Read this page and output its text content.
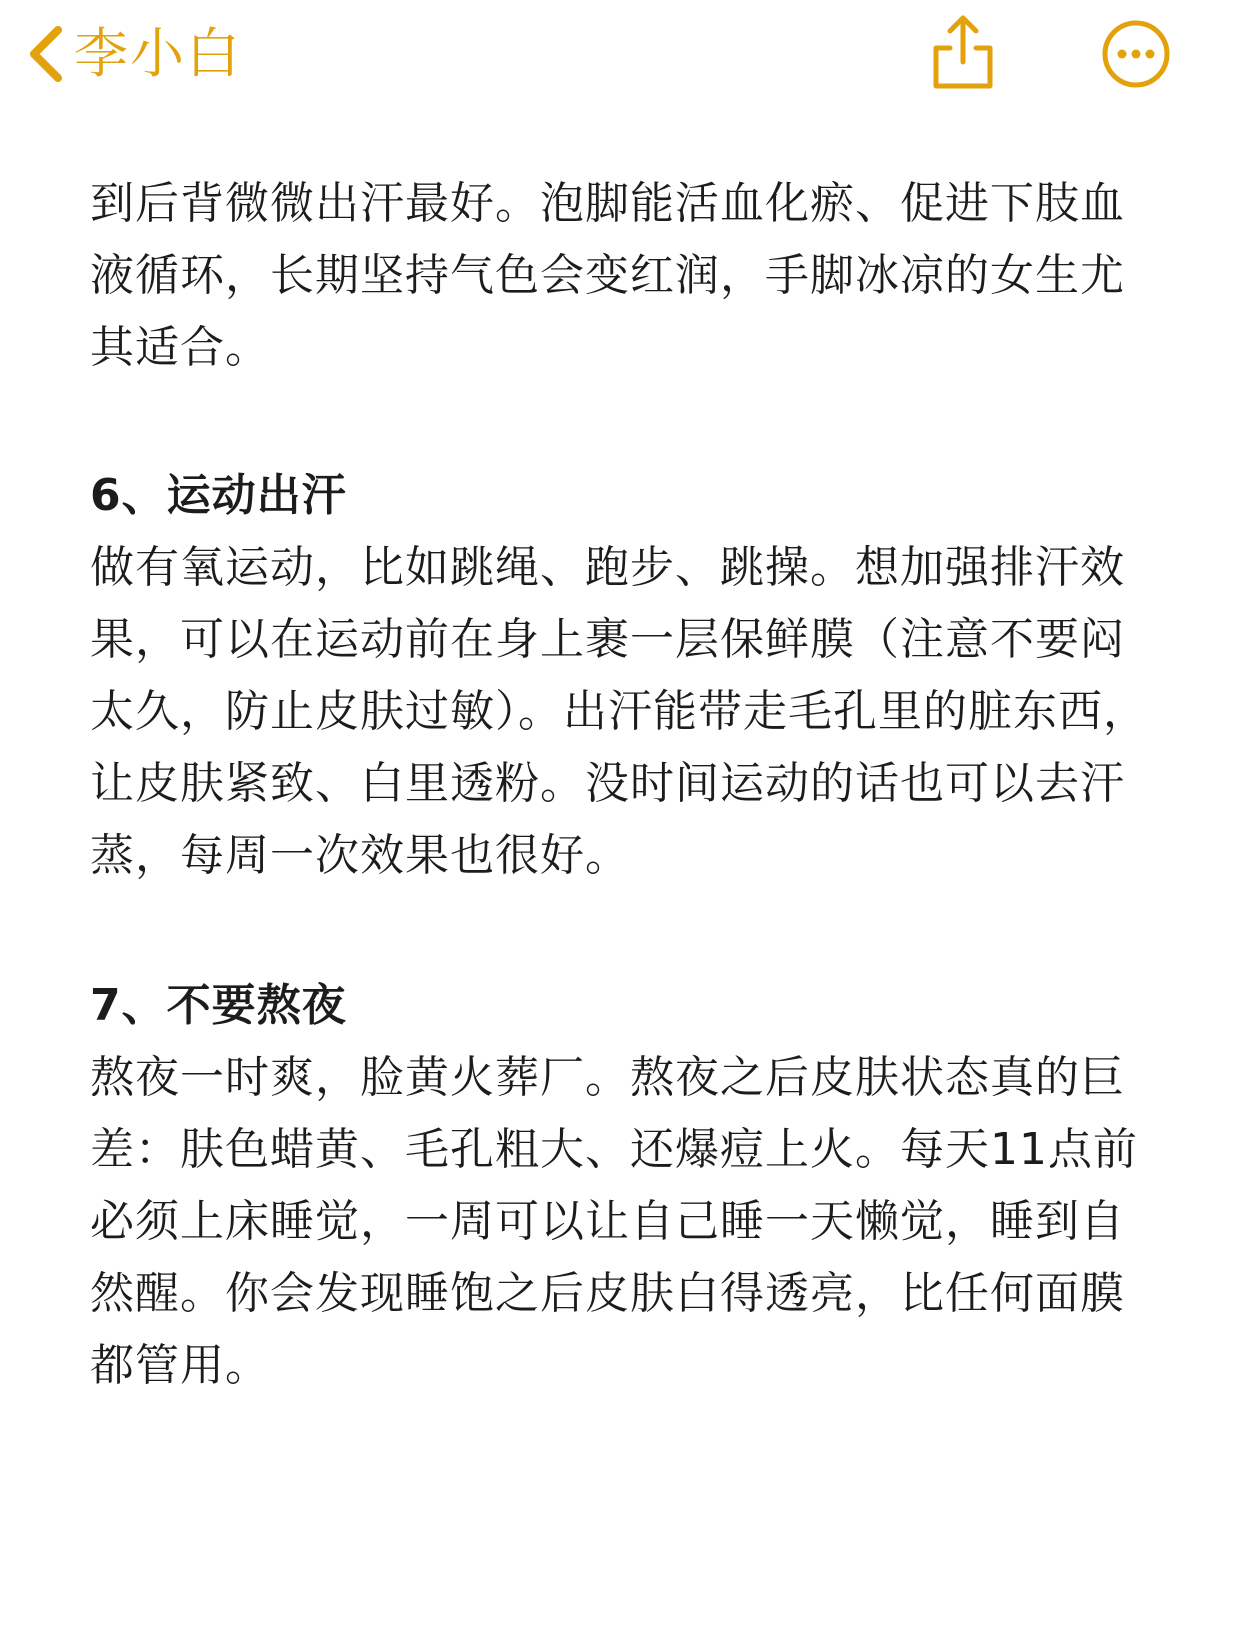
李小白

到后背微微出汗最好。泡脚能活血化瘀、促进下肢血液循环，长期坚持气色会变红润，手脚冰凉的女生尤其适合。

6、运动出汗

做有氧运动，比如跳绳、跑步、跳操。想加强排汗效果，可以在运动前在身上裹一层保鲜膜（注意不要闷太久，防止皮肤过敏）。出汗能带走毛孔里的脏东西，让皮肤紧致、白里透粉。没时间运动的话也可以去汗蒸，每周一次效果也很好。

7、不要熬夜

熬夜一时爽，脸黄火葬厂。熬夜之后皮肤状态真的巨差：肤色蜡黄、毛孔粗大、还爆痘上火。每天11点前必须上床睡觉，一周可以让自己睡一天懒觉，睡到自然醒。你会发现睡饱之后皮肤白得透亮，比任何面膜都管用。
